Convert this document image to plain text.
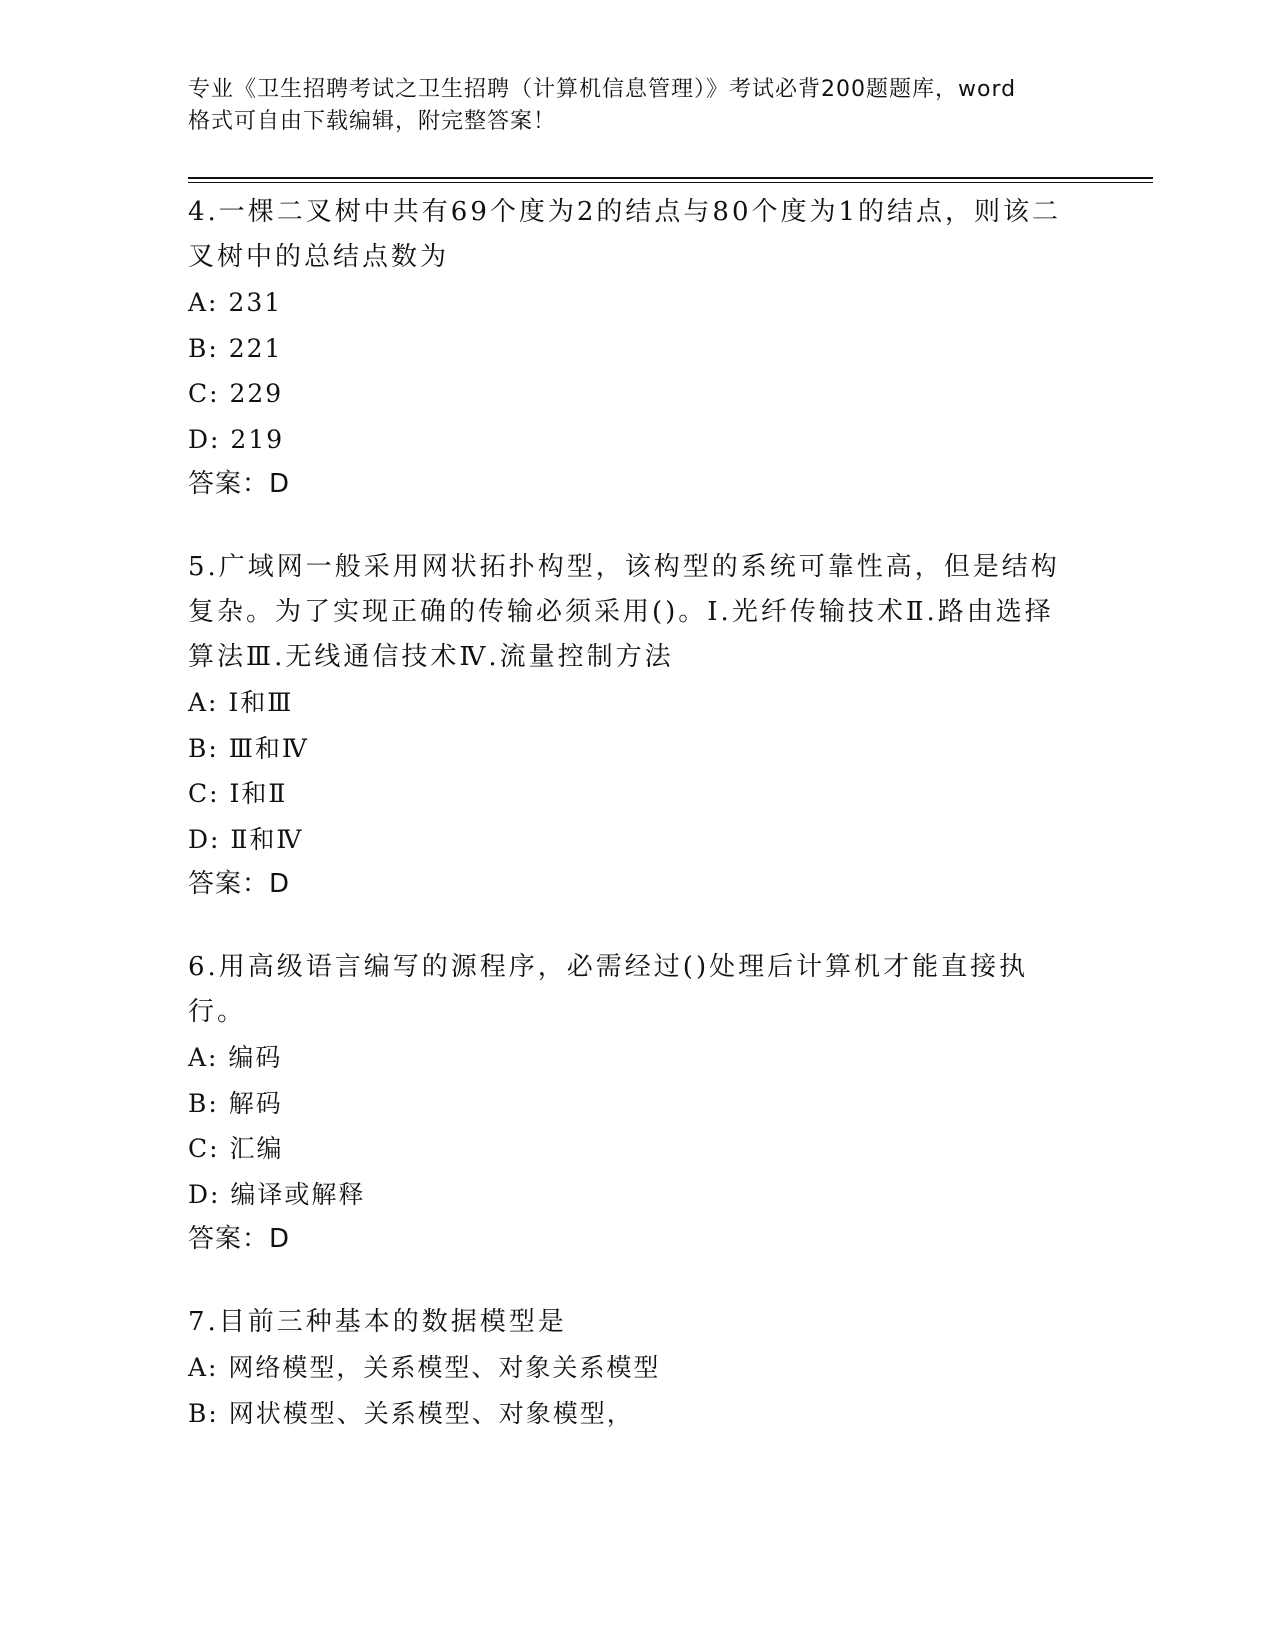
专业《卫生招聘考试之卫生招聘（计算机信息管理）》考试必背200题题库，word
格式可自由下载编辑，附完整答案！

4.一棵二叉树中共有69个度为2的结点与80个度为1的结点，则该二叉树中的总结点数为

A: 231

B: 221

C: 229

D: 219

答案：D

5.广域网一般采用网状拓扑构型，该构型的系统可靠性高，但是结构复杂。为了实现正确的传输必须采用()。Ⅰ.光纤传输技术Ⅱ.路由选择算法Ⅲ.无线通信技术Ⅳ.流量控制方法

A: Ⅰ和Ⅲ

B: Ⅲ和Ⅳ

C: Ⅰ和Ⅱ

D: Ⅱ和Ⅳ

答案：D

6.用高级语言编写的源程序，必需经过()处理后计算机才能直接执行。

A: 编码

B: 解码

C: 汇编

D: 编译或解释

答案：D

7.目前三种基本的数据模型是

A: 网络模型，关系模型、对象关系模型

B: 网状模型、关系模型、对象模型，
